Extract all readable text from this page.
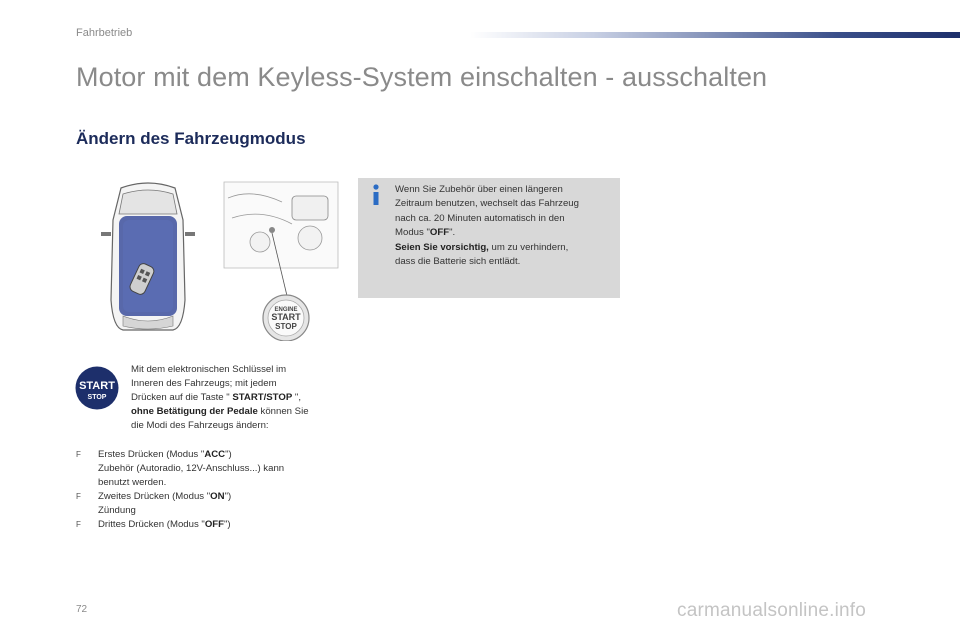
Fahrbetrieb
Motor mit dem Keyless-System einschalten - ausschalten
Ändern des Fahrzeugmodus
ENGINE
START
STOP
Wenn Sie Zubehör über einen längeren
Zeitraum benutzen, wechselt das Fahrzeug
nach ca. 20 Minuten automatisch in den
Modus "OFF".
Seien Sie vorsichtig, um zu verhindern,
dass die Batterie sich entlädt.
START
STOP
Mit dem elektronischen Schlüssel im
Inneren des Fahrzeugs; mit jedem
Drücken auf die Taste " START/STOP ",
ohne Betätigung der Pedale können Sie
die Modi des Fahrzeugs ändern:
F	Erstes Drücken (Modus "ACC")
Zubehör (Autoradio, 12V-Anschluss...) kann
benutzt werden.
F	Zweites Drücken (Modus "ON")
Zündung
F	Drittes Drücken (Modus "OFF")
72	carmanualsonline.info
